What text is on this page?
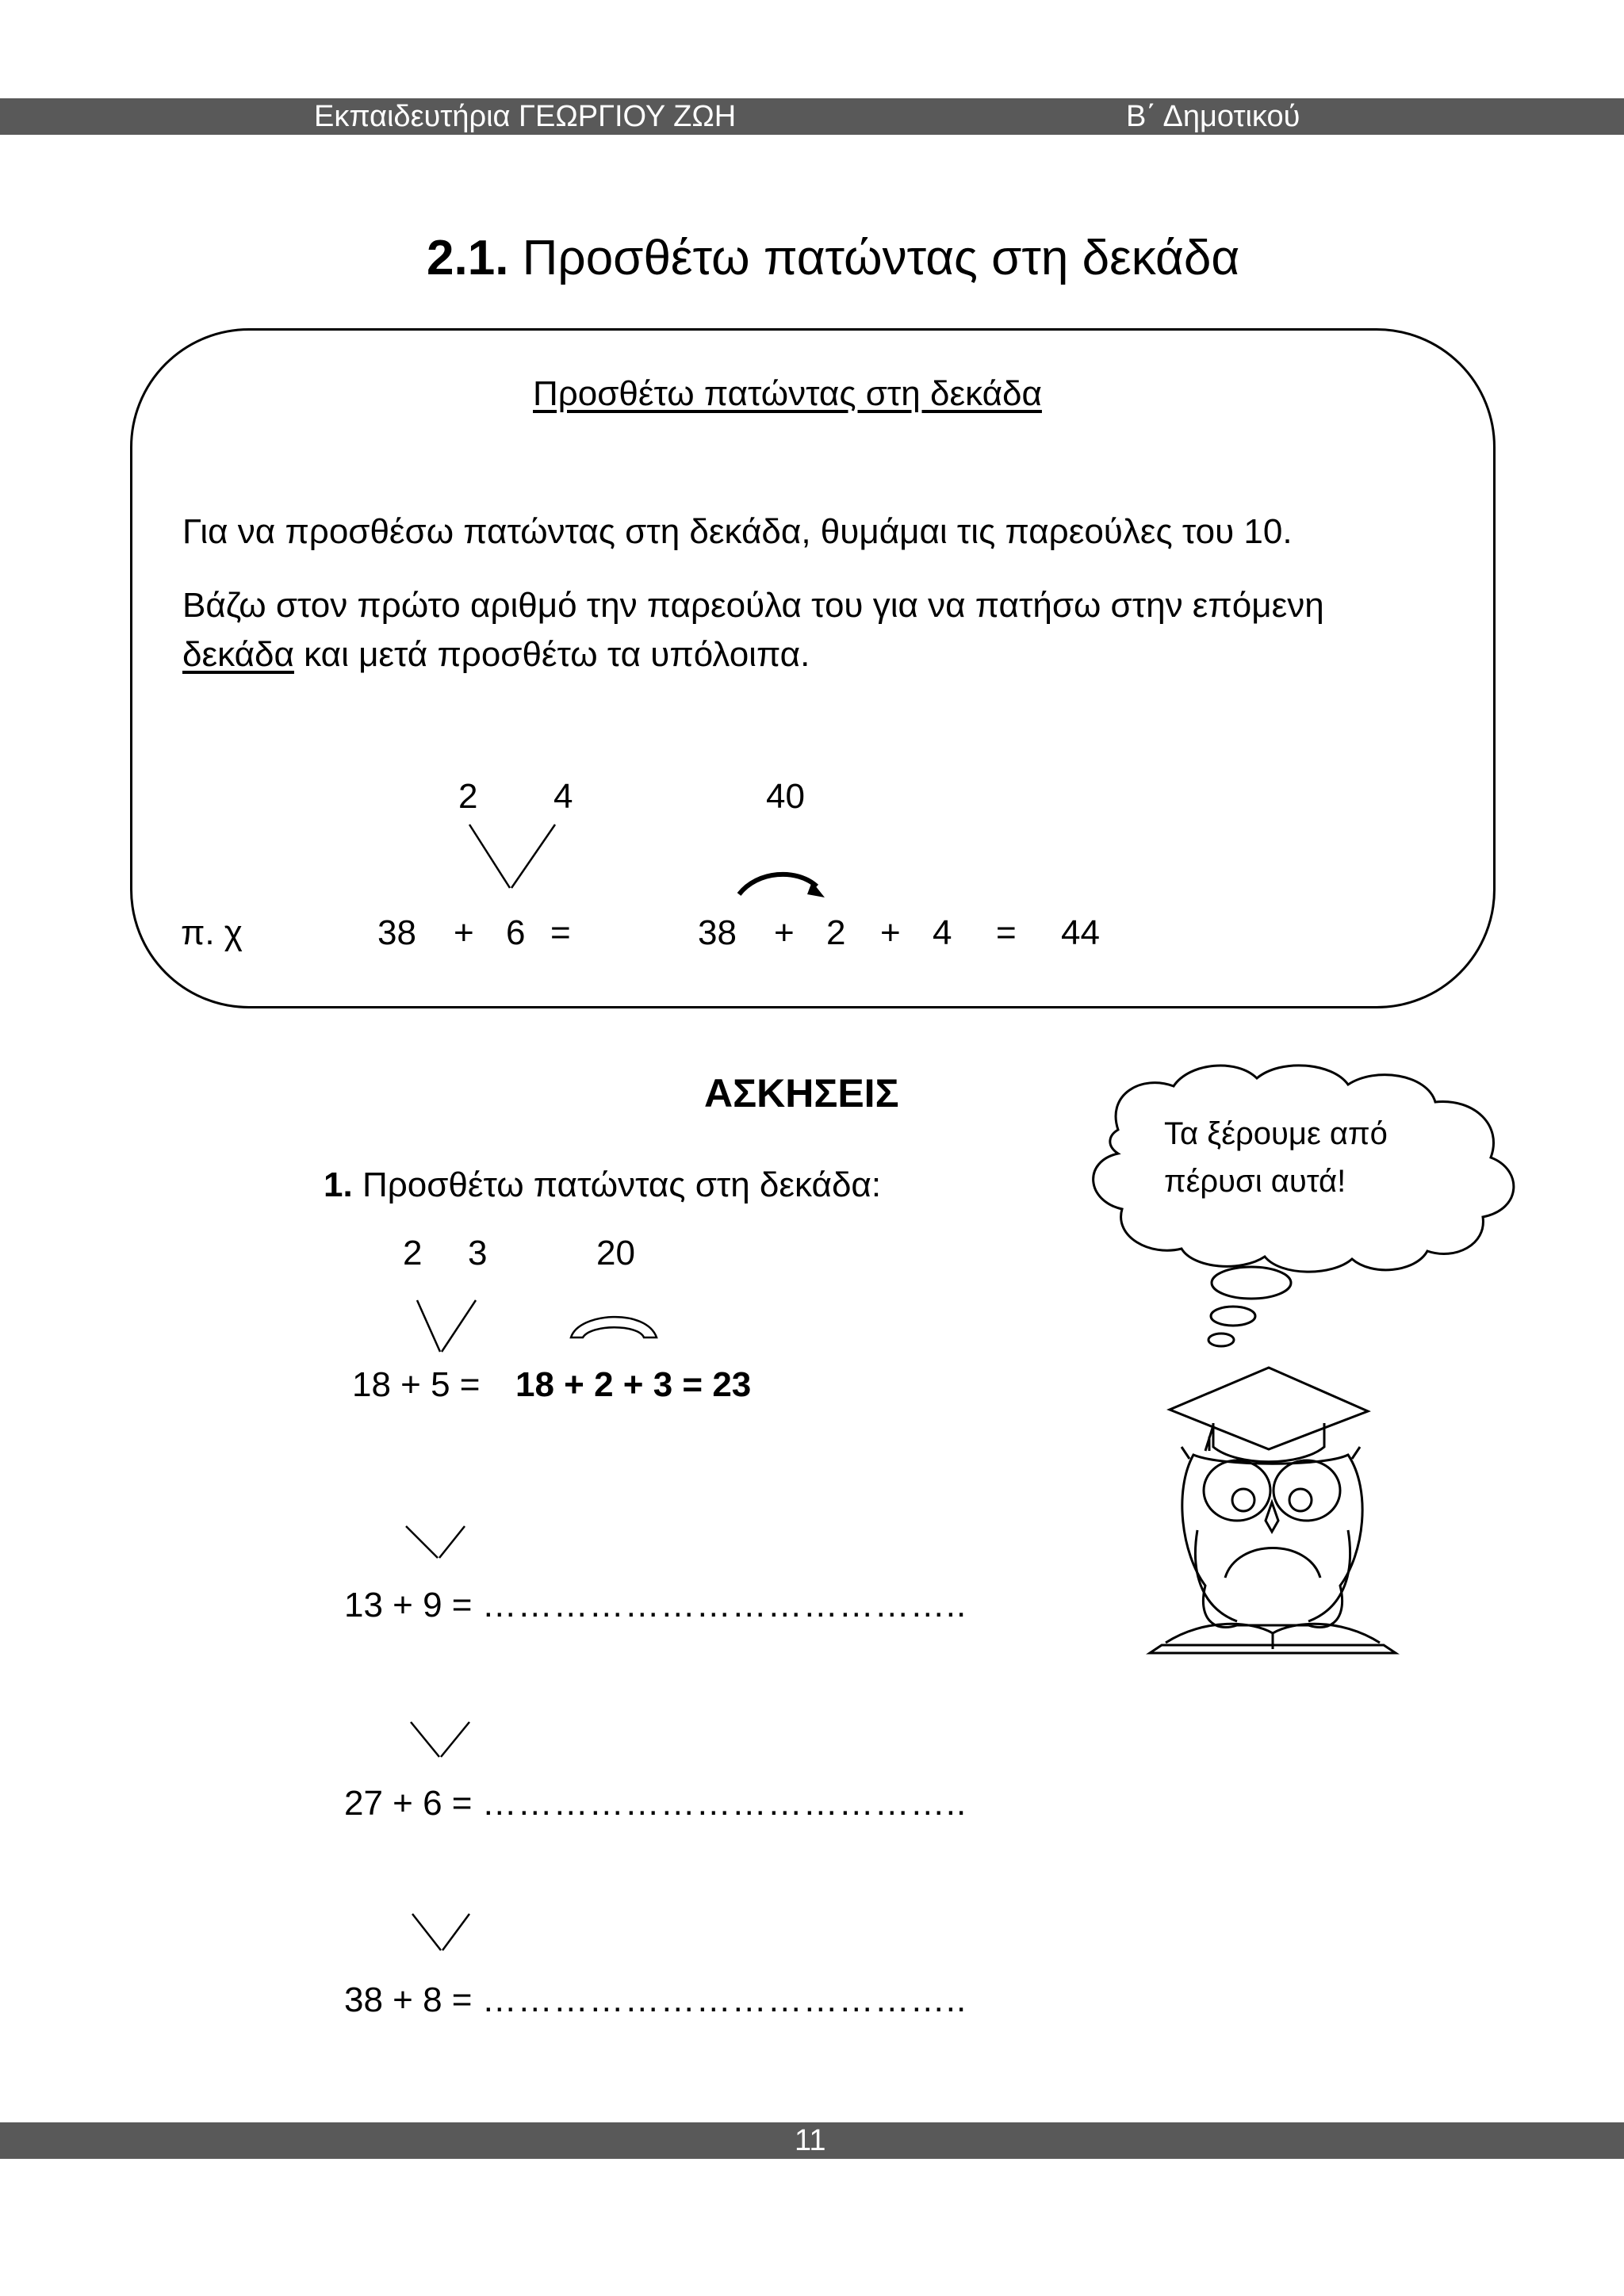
Εκπαιδευτήρια ΓΕΩΡΓΙΟΥ ΖΩΗ	Β΄ Δημοτικού
2.1. Προσθέτω πατώντας στη δεκάδα
Προσθέτω πατώντας στη δεκάδα
Για να προσθέσω πατώντας στη δεκάδα, θυμάμαι τις παρεούλες του 10.
Βάζω στον πρώτο αριθμό την παρεούλα του για να πατήσω στην επόμενη
δεκάδα και μετά προσθέτω τα υπόλοιπα.
2 4	40
π. χ	38 + 6 =	38 + 2 + 4 = 44
ΑΣΚΗΣΕΙΣ
1. Προσθέτω πατώντας στη δεκάδα:
2 3	20
18 + 5 = 18 + 2 + 3 = 23
13 + 9 = …………………………………..
27 + 6 = …………………………………..
38 + 8 = …………………………………..
Τα ξέρουμε από
πέρυσι αυτά!
11
